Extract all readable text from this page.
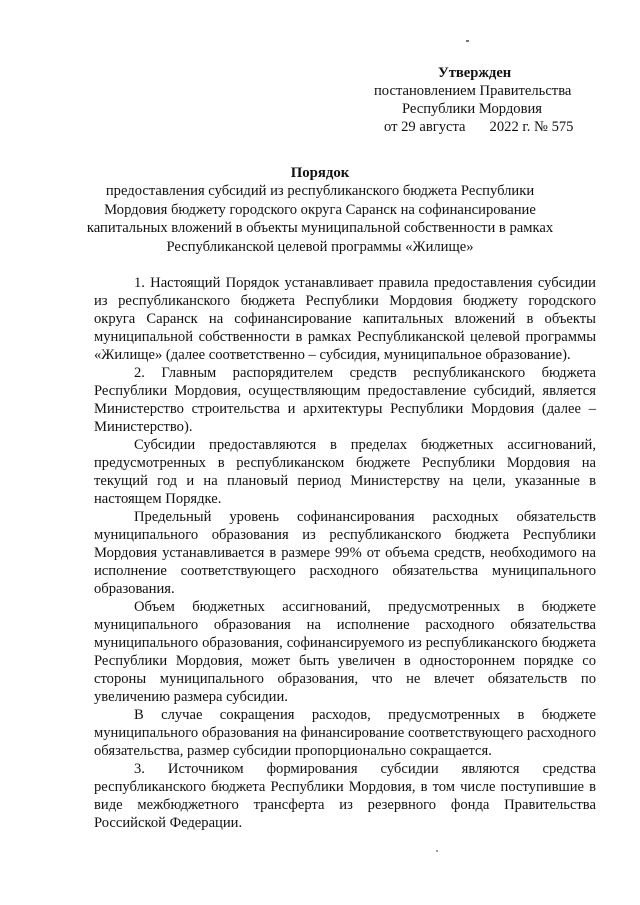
Утвержден
постановлением Правительства
Республики Мордовия
от 29 августа 2022 г. № 575
Порядок

предоставления субсидий из республиканского бюджета Республики

Мордовия бюджету городского округа Саранск на софинансирование

капитальных вложений в объекты муниципальной собственности в рамках

Республиканской целевой программы «Жилище»

1. Настоящий Порядок устанавливает правила предоставления субсидии из республиканского бюджета Республики Мордовия бюджету городского округа Саранск на софинансирование капитальных вложений в объекты муниципальной собственности в рамках Республиканской целевой программы «Жилище» (далее соответственно – субсидия, муниципальное образование).

2. Главным распорядителем средств республиканского бюджета Республики Мордовия, осуществляющим предоставление субсидий, является Министерство строительства и архитектуры Республики Мордовия (далее – Министерство).

Субсидии предоставляются в пределах бюджетных ассигнований, предусмотренных в республиканском бюджете Республики Мордовия на текущий год и на плановый период Министерству на цели, указанные в настоящем Порядке.

Предельный уровень софинансирования расходных обязательств муниципального образования из республиканского бюджета Республики Мордовия устанавливается в размере 99% от объема средств, необходимого на исполнение соответствующего расходного обязательства муниципального образования.

Объем бюджетных ассигнований, предусмотренных в бюджете муниципального образования на исполнение расходного обязательства муниципального образования, софинансируемого из республиканского бюджета Республики Мордовия, может быть увеличен в одностороннем порядке со стороны муниципального образования, что не влечет обязательств по увеличению размера субсидии.

В случае сокращения расходов, предусмотренных в бюджете муниципального образования на финансирование соответствующего расходного обязательства, размер субсидии пропорционально сокращается.

3. Источником формирования субсидии являются средства республиканского бюджета Республики Мордовия, в том числе поступившие в виде межбюджетного трансферта из резервного фонда Правительства Российской Федерации.
